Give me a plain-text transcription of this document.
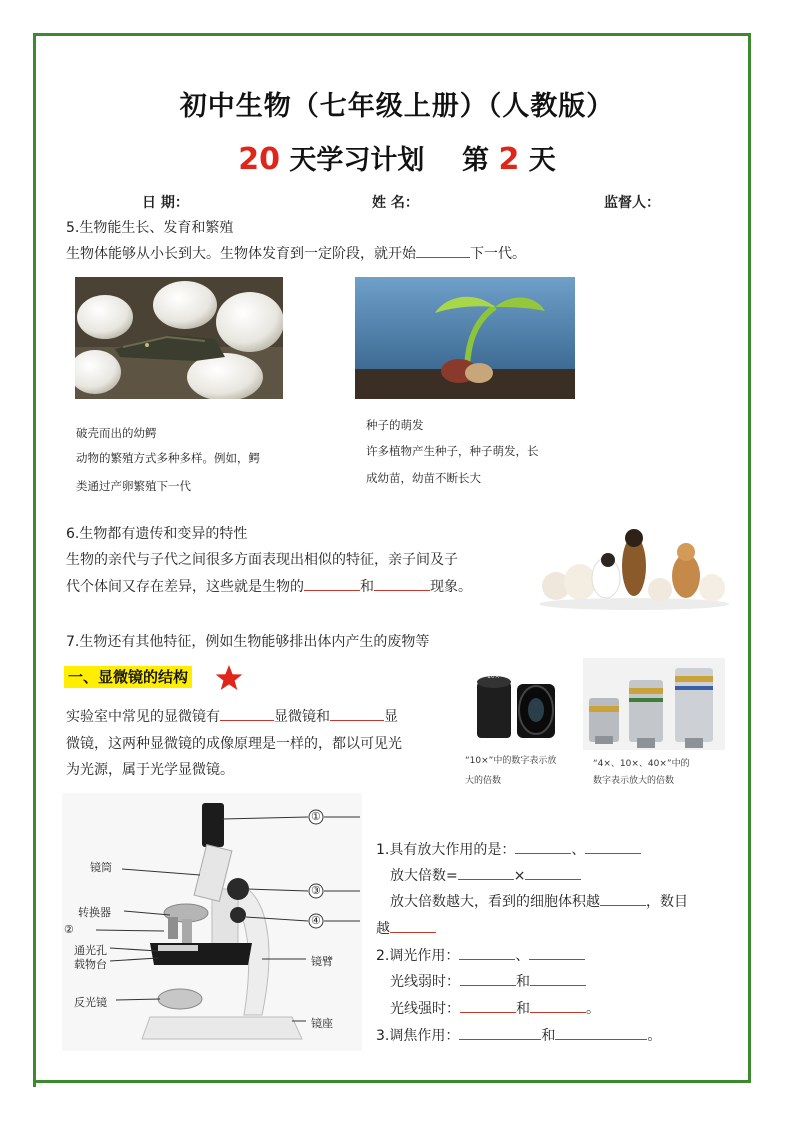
初中生物（七年级上册）（人教版）
20 天学习计划 第 2 天
日 期：	姓 名：	监督人：
5.生物能生长、发育和繁殖
生物体能够从小长到大。生物体发育到一定阶段，就开始	下一代。
破壳而出的幼鳄
动物的繁殖方式多种多样。例如，鳄
类通过产卵繁殖下一代
种子的萌发
许多植物产生种子，种子萌发，长
成幼苗，幼苗不断长大
6.生物都有遗传和变异的特性
生物的亲代与子代之间很多方面表现出相似的特征，亲子间及子
代个体间又存在差异，这些就是生物的	和	现象。
7.生物还有其他特征，例如生物能够排出体内产生的废物等
一、显微镜的结构
实验室中常见的显微镜有	显微镜和	显
微镜，这两种显微镜的成像原理是一样的，都以可见光
为光源，属于光学显微镜。
10×
“10×”中的数字表示放
大的倍数
“4×、10×、40×”中的
数字表示放大的倍数
镜筒
转换器
②
通光孔
载物台
反光镜
①
③
④
镜臂
镜座
1.具有放大作用的是：	、
放大倍数=	×
放大倍数越大，看到的细胞体积越	，数目
越
2.调光作用：	、
光线弱时：	和
光线强时：	和	。
3.调焦作用：	和	。
